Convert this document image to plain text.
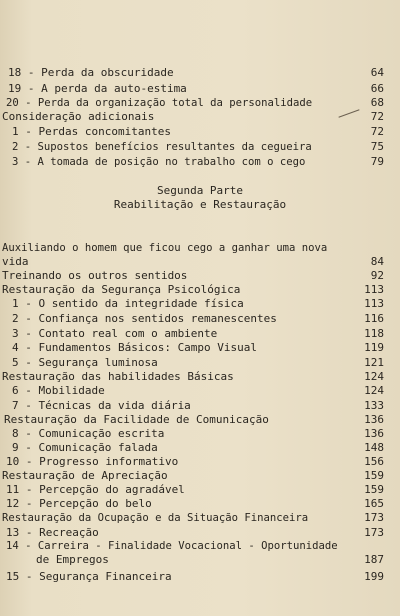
18 - Perda da obscuridade	64
19 - A perda da auto-estima	66
20 - Perda da organização total da personalidade	68
Consideração adicionais	72
1 - Perdas concomitantes	72
2 - Supostos benefícios resultantes da cegueira	75
3 - A tomada de posição no trabalho com o cego	79
Segunda Parte
Reabilitação e Restauração
Auxiliando o homem que ficou cego a ganhar uma nova
vida	84
Treinando os outros sentidos	92
Restauração da Segurança Psicológica	113
1 - O sentido da integridade física	113
2 - Confiança nos sentidos remanescentes	116
3 - Contato real com o ambiente	118
4 - Fundamentos Básicos: Campo Visual	119
5 - Segurança luminosa	121
Restauração das habilidades Básicas	124
6 - Mobilidade	124
7 - Técnicas da vida diária	133
Restauração da Facilidade de Comunicação	136
8 - Comunicação escrita	136
9 - Comunicação falada	148
10 - Progresso informativo	156
Restauração de Apreciação	159
11 - Percepção do agradável	159
12 - Percepção do belo	165
Restauração da Ocupação e da Situação Financeira	173
13 - Recreação	173
14 - Carreira - Finalidade Vocacional - Oportunidade
de Empregos	187
15 - Segurança Financeira	199
